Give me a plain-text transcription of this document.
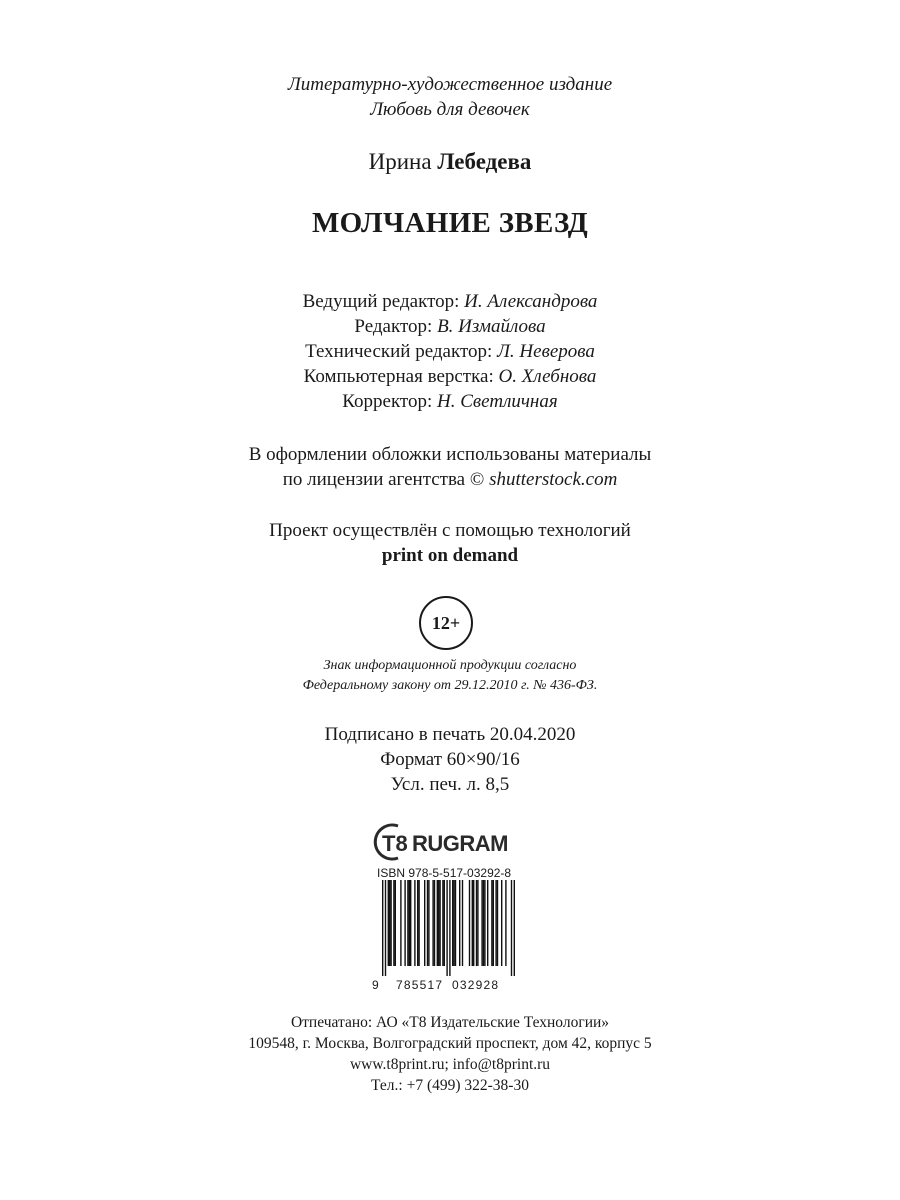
Литературно-художественное издание
Любовь для девочек
Ирина Лебедева
МОЛЧАНИЕ ЗВЕЗД
Ведущий редактор: И. Александрова
Редактор: В. Измайлова
Технический редактор: Л. Неверова
Компьютерная верстка: О. Хлебнова
Корректор: Н. Светличная
В оформлении обложки использованы материалы
по лицензии агентства © shutterstock.com
Проект осуществлён с помощью технологий
print on demand
12+
Знак информационной продукции согласно
Федеральному закону от 29.12.2010 г. № 436-ФЗ.
Подписано в печать 20.04.2020
Формат 60×90/16
Усл. печ. л. 8,5
T8 RUGRAM
ISBN 978-5-517-03292-8
9 785517 032928
Отпечатано: АО «Т8 Издательские Технологии»
109548, г. Москва, Волгоградский проспект, дом 42, корпус 5
www.t8print.ru; info@t8print.ru
Тел.: +7 (499) 322-38-30
